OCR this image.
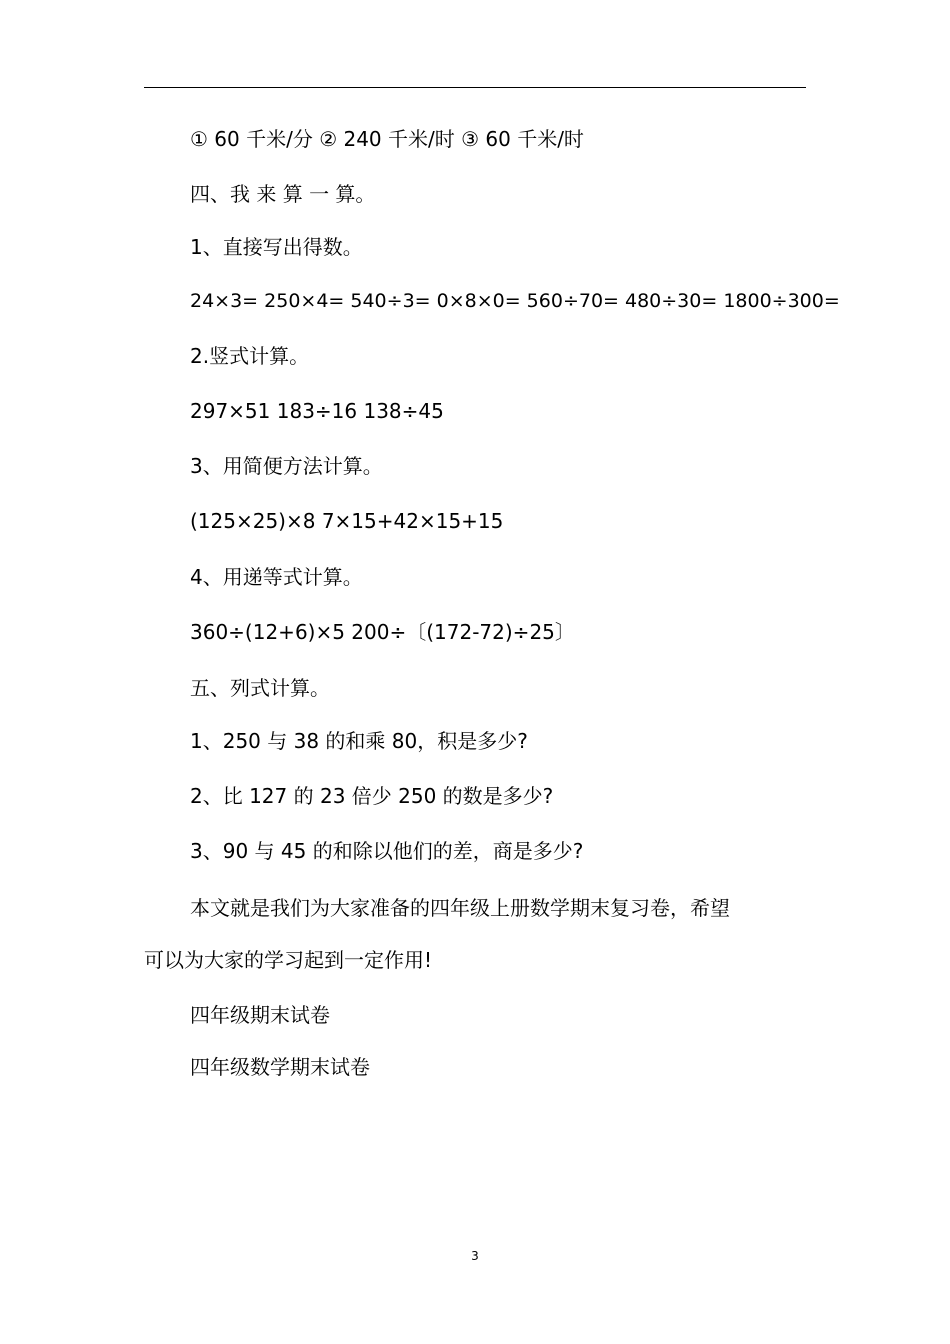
① 60 千米/分 ② 240 千米/时 ③ 60 千米/时
四、我 来 算 一 算。
1、直接写出得数。
24×3= 250×4= 540÷3= 0×8×0= 560÷70= 480÷30= 1800÷300=
2.竖式计算。
297×51 183÷16 138÷45
3、用简便方法计算。
(125×25)×8 7×15+42×15+15
4、用递等式计算。
360÷(12+6)×5 200÷〔(172-72)÷25〕
五、列式计算。
1、250 与 38 的和乘 80，积是多少?
2、比 127 的 23 倍少 250 的数是多少?
3、90 与 45 的和除以他们的差，商是多少?
本文就是我们为大家准备的四年级上册数学期末复习卷，希望
可以为大家的学习起到一定作用!
四年级期末试卷
四年级数学期末试卷
3
